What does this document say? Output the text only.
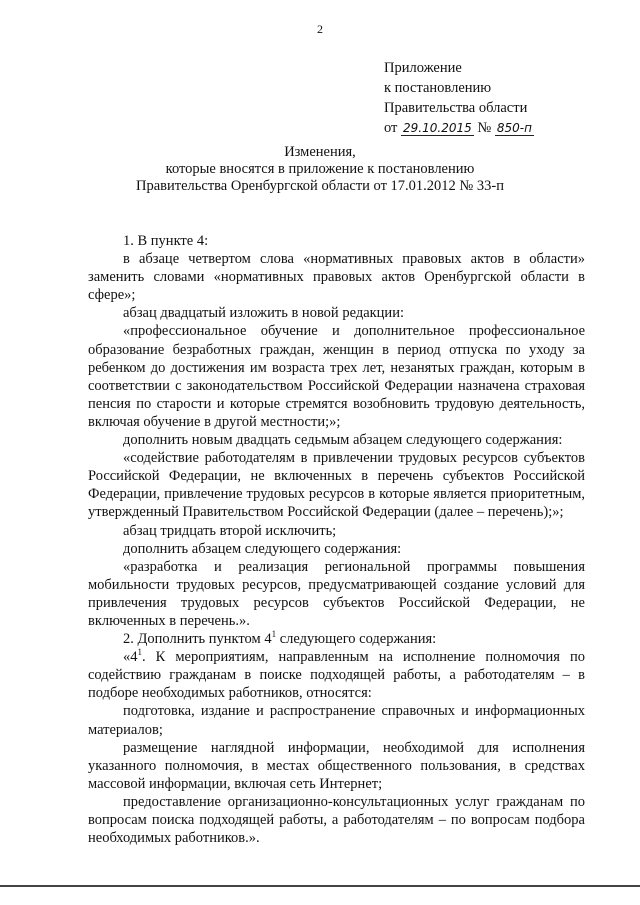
2
Приложение
к постановлению
Правительства области
от 29.10.2015 № 850-п
Изменения,
которые вносятся в приложение к постановлению
Правительства Оренбургской области от 17.01.2012 № 33-п

1. В пункте 4:

в абзаце четвертом слова «нормативных правовых актов в области» заменить словами «нормативных правовых актов Оренбургской области в сфере»;

абзац двадцатый изложить в новой редакции:

«профессиональное обучение и дополнительное профессиональное образование безработных граждан, женщин в период отпуска по уходу за ребенком до достижения им возраста трех лет, незанятых граждан, которым в соответствии с законодательством Российской Федерации назначена страховая пенсия по старости и которые стремятся возобновить трудовую деятельность, включая обучение в другой местности;»;

дополнить новым двадцать седьмым абзацем следующего содержания:

«содействие работодателям в привлечении трудовых ресурсов субъектов Российской Федерации, не включенных в перечень субъектов Российской Федерации, привлечение трудовых ресурсов в которые является приоритетным, утвержденный Правительством Российской Федерации (далее – перечень);»;

абзац тридцать второй исключить;

дополнить абзацем следующего содержания:

«разработка и реализация региональной программы повышения мобильности трудовых ресурсов, предусматривающей создание условий для привлечения трудовых ресурсов субъектов Российской Федерации, не включенных в перечень.».

2. Дополнить пунктом $4^1$ следующего содержания:

«$4^1$. К мероприятиям, направленным на исполнение полномочия по содействию гражданам в поиске подходящей работы, а работодателям – в подборе необходимых работников, относятся:

подготовка, издание и распространение справочных и информационных материалов;

размещение наглядной информации, необходимой для исполнения указанного полномочия, в местах общественного пользования, в средствах массовой информации, включая сеть Интернет;

предоставление организационно-консультационных услуг гражданам по вопросам поиска подходящей работы, а работодателям – по вопросам подбора необходимых работников.».
